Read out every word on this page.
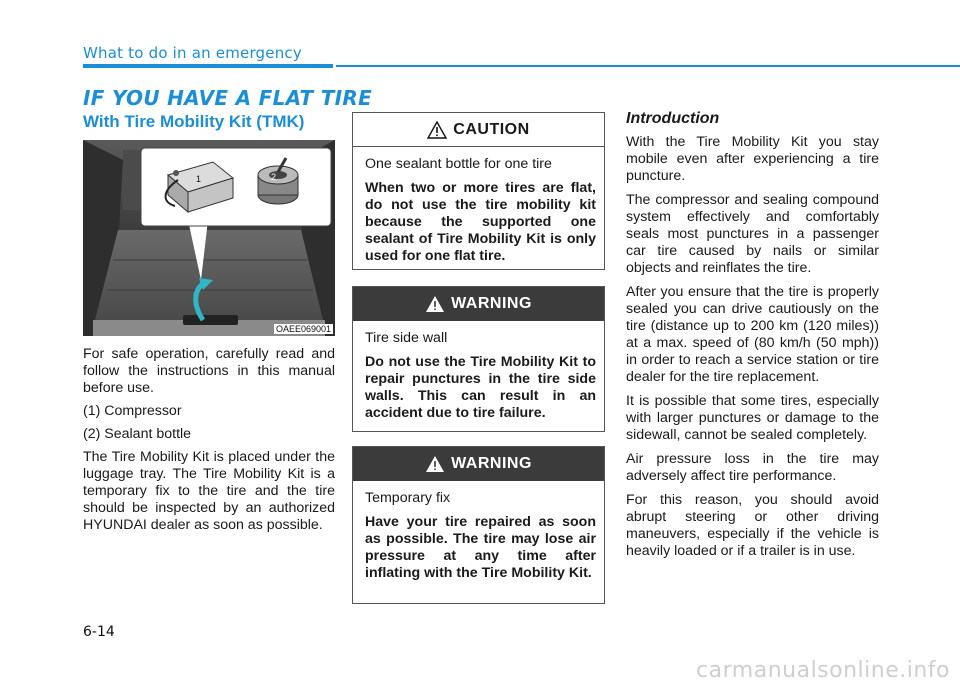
What to do in an emergency
IF YOU HAVE A FLAT TIRE
With Tire Mobility Kit (TMK)
1	2
OAEE069001

For safe operation, carefully read and follow the instructions in this manual before use.

(1) Compressor

(2) Sealant bottle

The Tire Mobility Kit is placed under the luggage tray. The Tire Mobility Kit is a temporary fix to the tire and the tire should be inspected by an authorized HYUNDAI dealer as soon as possible.

CAUTION
One sealant bottle for one tire
When two or more tires are flat, do not use the tire mobility kit because the supported one sealant of Tire Mobility Kit is only used for one flat tire.
WARNING
Tire side wall
Do not use the Tire Mobility Kit to repair punctures in the tire side walls. This can result in an accident due to tire failure.
WARNING
Temporary fix
Have your tire repaired as soon as possible. The tire may lose air pressure at any time after inflating with the Tire Mobility Kit.
Introduction

With the Tire Mobility Kit you stay mobile even after experiencing a tire puncture.

The compressor and sealing compound system effectively and comfortably seals most punctures in a passenger car tire caused by nails or similar objects and reinflates the tire.

After you ensure that the tire is properly sealed you can drive cautiously on the tire (distance up to 200 km (120 miles)) at a max. speed of (80 km/h (50 mph)) in order to reach a service station or tire dealer for the tire replacement.

It is possible that some tires, especially with larger punctures or damage to the sidewall, cannot be sealed completely.

Air pressure loss in the tire may adversely affect tire performance.

For this reason, you should avoid abrupt steering or other driving maneuvers, especially if the vehicle is heavily loaded or if a trailer is in use.

6-14
carmanualsonline.info
